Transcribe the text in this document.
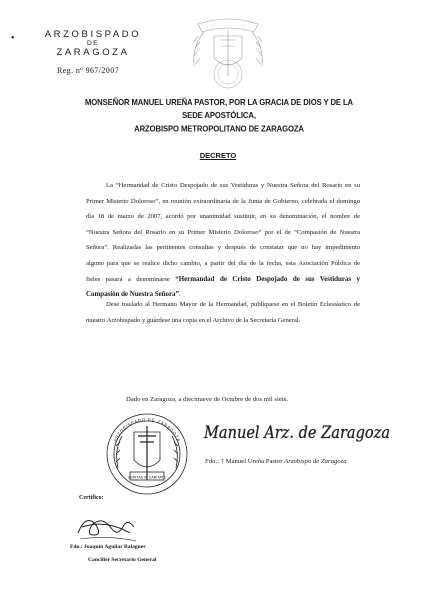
•	ARZOBISPADO
DE
ZARAGOZA
Reg. nº 967/2007
MONSEÑOR MANUEL UREÑA PASTOR, POR LA GRACIA DE DIOS Y DE LA SEDE APOSTÓLICA,
ARZOBISPO METROPOLITANO DE ZARAGOZA
DECRETO
La “Hermandad de Cristo Despojado de sus Vestiduras y Nuestra Señora del Rosario en su
Primer Misterio Doloroso”, en reunión extraordinaria de la Junta de Gobierno, celebrada el domingo
día 18 de marzo de 2007, acordó por unanimidad sustituir, en su denominación, el nombre de
“Nuestra Señora del Rosario en su Primer Misterio Doloroso” por el de “Compasión de Nuestra
Señora”. Realizadas las pertinentes consultas y después de constatar que no hay impedimento
alguno para que se realice dicho cambio, a partir del día de la fecha, esta Asociación Pública de
fieles pasará a denominarse “Hermandad de Cristo Despojado de sus Vestiduras y
Compasión de Nuestra Señora”.
Dese traslado al Hermano Mayor de la Hermandad, publíquese en el Boletín Eclesiástico de
nuestro Arzobispado y guárdese una copia en el Archivo de la Secretaría General.
Dado en Zaragoza, a diecinueve de Octubre de dos mil siete.
VERITAS IN CARITATE
ARZOBISPADO DE ZARAGOZA Manuel Arz. de Zaragoza
Fdo.: † Manuel Ureña Pastor Arzobispo de Zaragoza
Certifico:
Fdo.: Joaquín Aguilar Balagner
Canciller Secretario General
